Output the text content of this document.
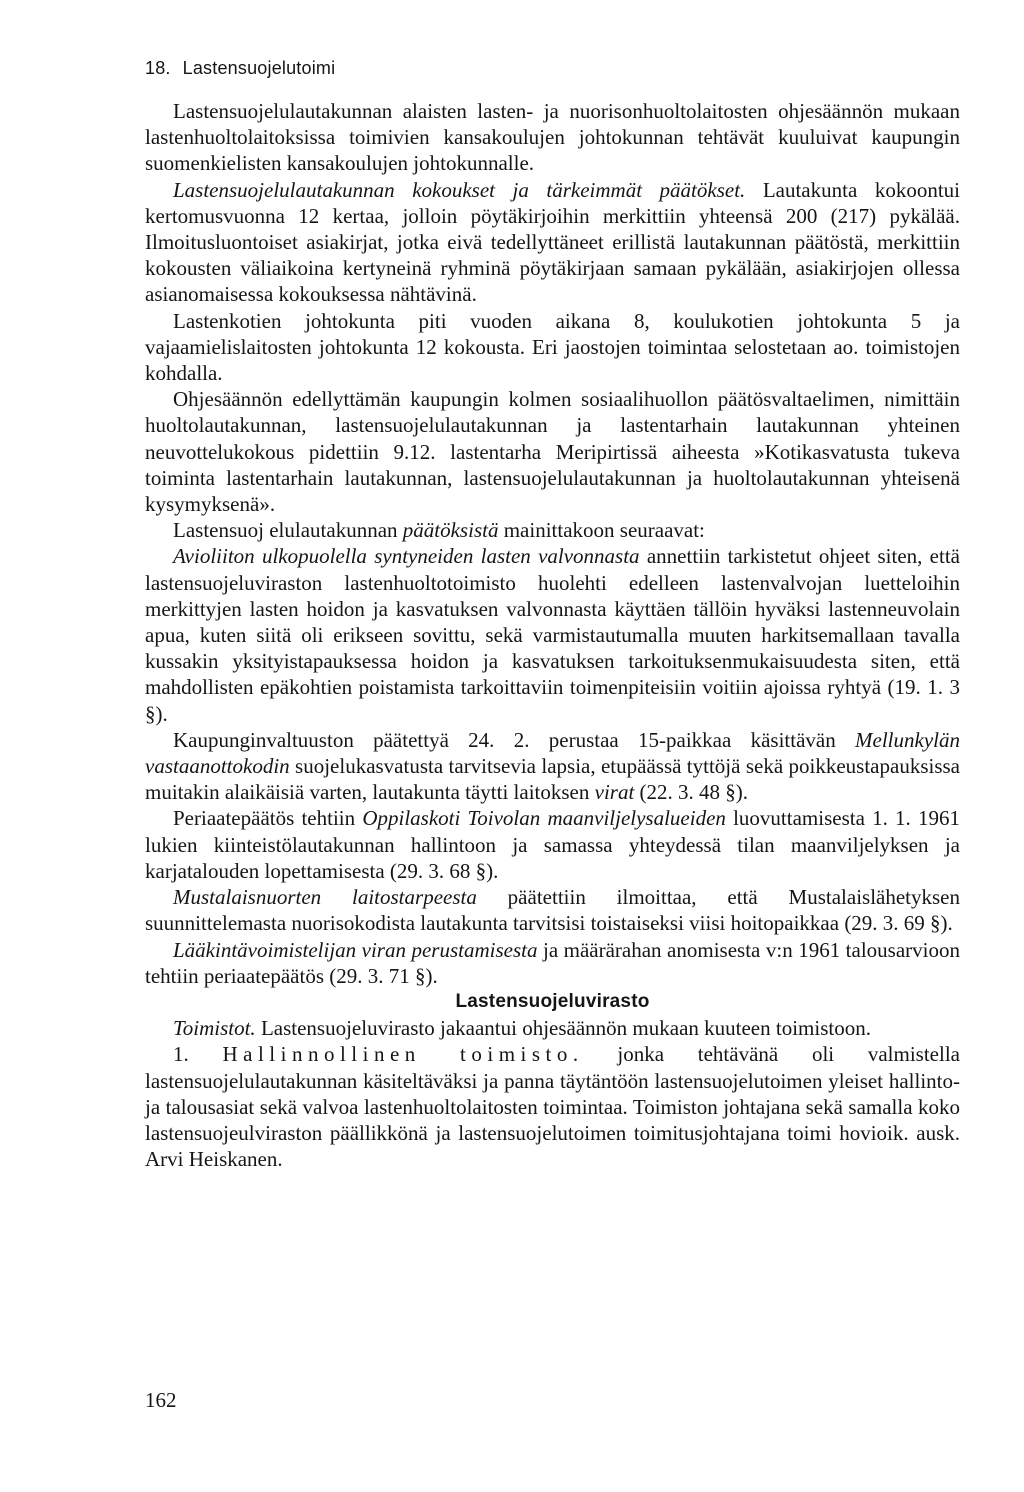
18. Lastensuojelutoimi

Lastensuojelulautakunnan alaisten lasten- ja nuorisonhuoltolaitosten ohjesäännön mukaan lastenhuoltolaitoksissa toimivien kansakoulujen johtokunnan tehtävät kuuluivat kaupungin suomenkielisten kansakoulujen johtokunnalle.

Lastensuojelulautakunnan kokoukset ja tärkeimmät päätökset. Lautakunta kokoontui kertomusvuonna 12 kertaa, jolloin pöytäkirjoihin merkittiin yhteensä 200 (217) pykälää. Ilmoitusluontoiset asiakirjat, jotka eivä tedellyttäneet erillistä lautakunnan päätöstä, merkittiin kokousten väliaikoina kertyneinä ryhminä pöytäkirjaan samaan pykälään, asiakirjojen ollessa asianomaisessa kokouksessa nähtävinä.

Lastenkotien johtokunta piti vuoden aikana 8, koulukotien johtokunta 5 ja vajaamielislaitosten johtokunta 12 kokousta. Eri jaostojen toimintaa selostetaan ao. toimistojen kohdalla.

Ohjesäännön edellyttämän kaupungin kolmen sosiaalihuollon päätösvaltaelimen, nimittäin huoltolautakunnan, lastensuojelulautakunnan ja lastentarhain lautakunnan yhteinen neuvottelukokous pidettiin 9.12. lastentarha Meripirtissä aiheesta »Kotikasvatusta tukeva toiminta lastentarhain lautakunnan, lastensuojelulautakunnan ja huoltolautakunnan yhteisenä kysymyksenä».

Lastensuoj elulautakunnan päätöksistä mainittakoon seuraavat:

Avioliiton ulkopuolella syntyneiden lasten valvonnasta annettiin tarkistetut ohjeet siten, että lastensuojeluviraston lastenhuoltotoimisto huolehti edelleen lastenvalvojan luetteloihin merkittyjen lasten hoidon ja kasvatuksen valvonnasta käyttäen tällöin hyväksi lastenneuvolain apua, kuten siitä oli erikseen sovittu, sekä varmistautumalla muuten harkitsemallaan tavalla kussakin yksityistapauksessa hoidon ja kasvatuksen tarkoituksenmukaisuudesta siten, että mahdollisten epäkohtien poistamista tarkoittaviin toimenpiteisiin voitiin ajoissa ryhtyä (19. 1. 3 §).

Kaupunginvaltuuston päätettyä 24. 2. perustaa 15-paikkaa käsittävän Mellunkylän vastaanottokodin suojelukasvatusta tarvitsevia lapsia, etupäässä tyttöjä sekä poikkeustapauksissa muitakin alaikäisiä varten, lautakunta täytti laitoksen virat (22. 3. 48 §).

Periaatepäätös tehtiin Oppilaskoti Toivolan maanviljelysalueiden luovuttamisesta 1. 1. 1961 lukien kiinteistölautakunnan hallintoon ja samassa yhteydessä tilan maanviljelyksen ja karjatalouden lopettamisesta (29. 3. 68 §).

Mustalaisnuorten laitostarpeesta päätettiin ilmoittaa, että Mustalaislähetyksen suunnittelemasta nuorisokodista lautakunta tarvitsisi toistaiseksi viisi hoitopaikkaa (29. 3. 69 §).

Lääkintävoimistelijan viran perustamisesta ja määrärahan anomisesta v:n 1961 talousarvioon tehtiin periaatepäätös (29. 3. 71 §).

Lastensuojeluvirasto

Toimistot. Lastensuojeluvirasto jakaantui ohjesäännön mukaan kuuteen toimistoon.

1. Hallinnollinen toimisto. jonka tehtävänä oli valmistella lastensuojelulautakunnan käsiteltäväksi ja panna täytäntöön lastensuojelutoimen yleiset hallinto- ja talousasiat sekä valvoa lastenhuoltolaitosten toimintaa. Toimiston johtajana sekä samalla koko lastensuojeulviraston päällikkönä ja lastensuojelutoimen toimitusjohtajana toimi hovioik. ausk. Arvi Heiskanen.

162
